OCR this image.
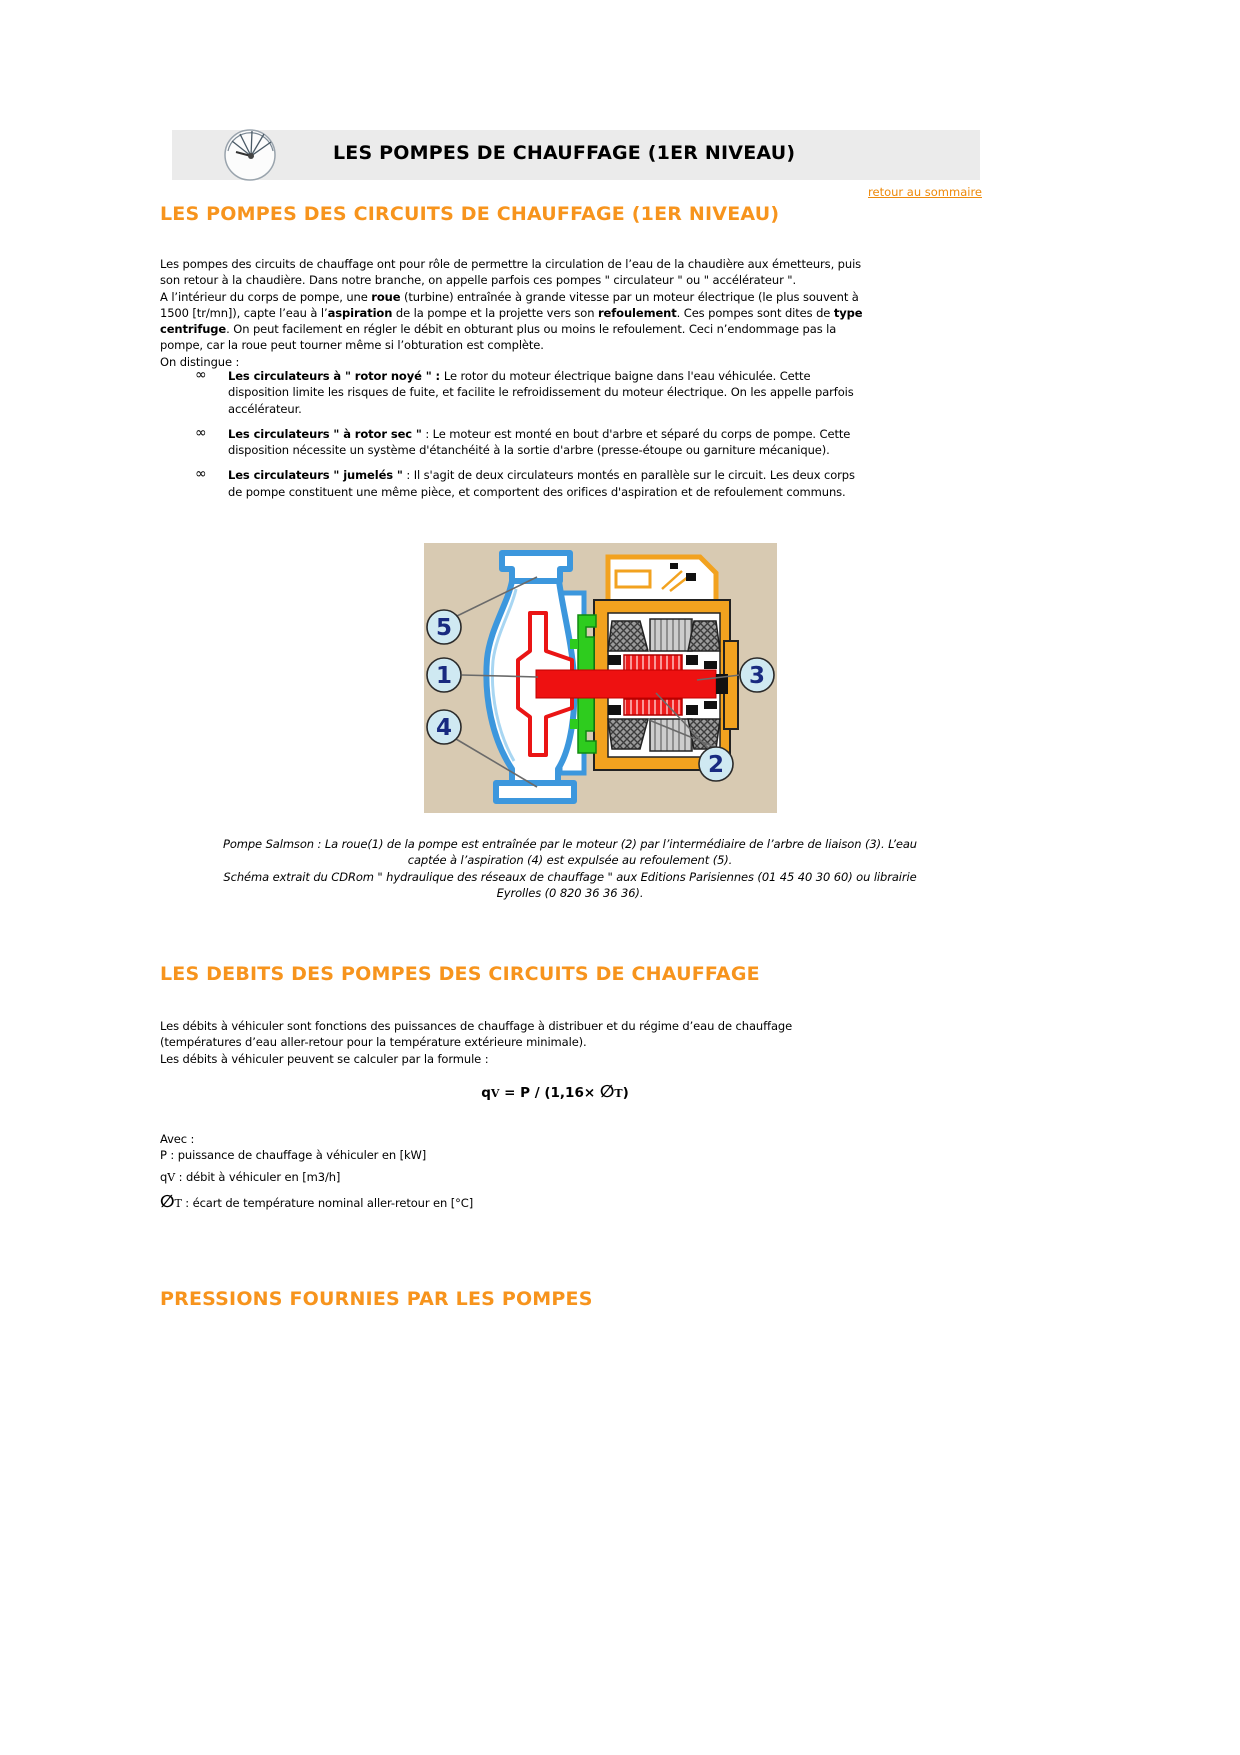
LES POMPES DE CHAUFFAGE (1ER NIVEAU)
retour au sommaire
LES POMPES DES CIRCUITS DE CHAUFFAGE (1ER NIVEAU)
Les pompes des circuits de chauffage ont pour rôle de permettre la circulation de l’eau de la chaudière aux émetteurs, puis
son retour à la chaudière. Dans notre branche, on appelle parfois ces pompes " circulateur " ou " accélérateur ".
A l’intérieur du corps de pompe, une roue (turbine) entraînée à grande vitesse par un moteur électrique (le plus souvent à
1500 [tr/mn]), capte l’eau à l’aspiration de la pompe et la projette vers son refoulement. Ces pompes sont dites de type
centrifuge. On peut facilement en régler le débit en obturant plus ou moins le refoulement. Ceci n’endommage pas la
pompe, car la roue peut tourner même si l’obturation est complète.
On distingue :
∞	Les circulateurs à " rotor noyé " : Le rotor du moteur électrique baigne dans l'eau véhiculée. Cette
disposition limite les risques de fuite, et facilite le refroidissement du moteur électrique. On les appelle parfois
accélérateur.
∞	Les circulateurs " à rotor sec " : Le moteur est monté en bout d'arbre et séparé du corps de pompe. Cette
disposition nécessite un système d'étanchéité à la sortie d'arbre (presse-étoupe ou garniture mécanique).
∞	Les circulateurs " jumelés " : Il s'agit de deux circulateurs montés en parallèle sur le circuit. Les deux corps
de pompe constituent une même pièce, et comportent des orifices d'aspiration et de refoulement communs.
5
1
4
3
2
Pompe Salmson : La roue(1) de la pompe est entraînée par le moteur (2) par l’intermédiaire de l’arbre de liaison (3). L’eau
captée à l’aspiration (4) est expulsée au refoulement (5).
Schéma extrait du CDRom " hydraulique des réseaux de chauffage " aux Editions Parisiennes (01 45 40 30 60) ou librairie
Eyrolles (0 820 36 36 36).
LES DEBITS DES POMPES DES CIRCUITS DE CHAUFFAGE
Les débits à véhiculer sont fonctions des puissances de chauffage à distribuer et du régime d’eau de chauffage
(températures d’eau aller-retour pour la température extérieure minimale).
Les débits à véhiculer peuvent se calculer par la formule :
qV = P / (1,16× ∅T)
Avec :
P : puissance de chauffage à véhiculer en [kW]
qV : débit à véhiculer en [m3/h]
∅T : écart de température nominal aller-retour en [°C]
PRESSIONS FOURNIES PAR LES POMPES
